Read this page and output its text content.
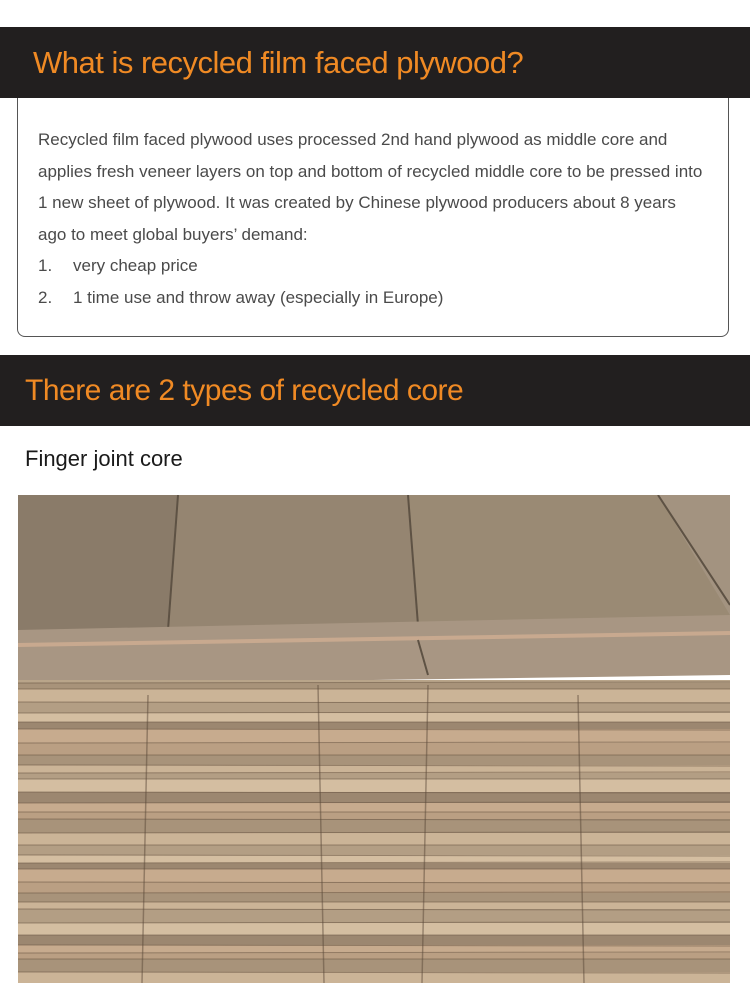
What is recycled film faced plywood?

Recycled film faced plywood uses processed 2nd hand plywood as middle core and applies fresh veneer layers on top and bottom of recycled middle core to be pressed into 1 new sheet of plywood. It was created by Chinese plywood producers about 8 years ago to meet global buyers’ demand:

1.	very cheap price
2.	1 time use and throw away (especially in Europe)
There are 2 types of recycled core
Finger joint core
